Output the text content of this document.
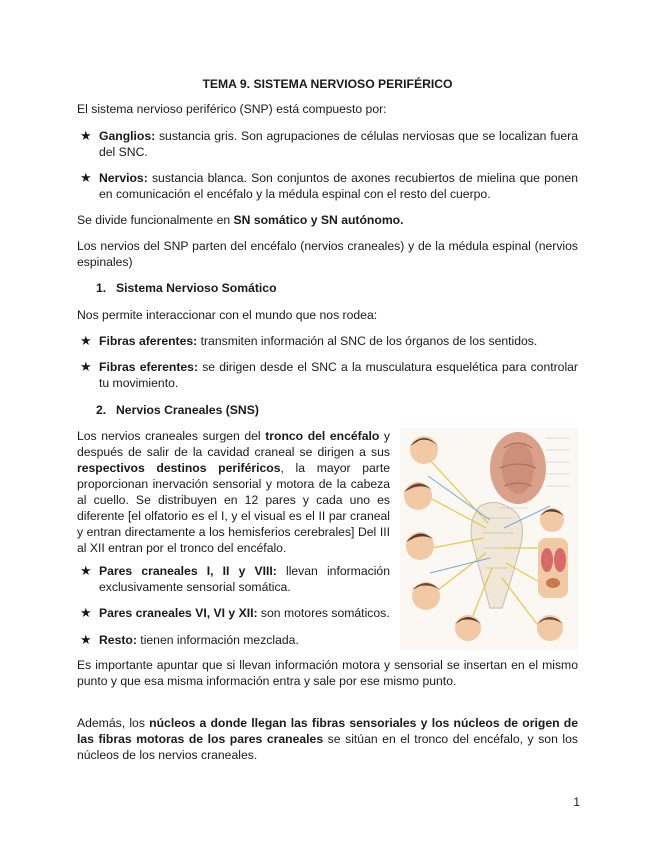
TEMA 9. SISTEMA NERVIOSO PERIFÉRICO

El sistema nervioso periférico (SNP) está compuesto por:

★ Ganglios: sustancia gris. Son agrupaciones de células nerviosas que se localizan fuera del SNC.
★ Nervios: sustancia blanca. Son conjuntos de axones recubiertos de mielina que ponen en comunicación el encéfalo y la médula espinal con el resto del cuerpo.

Se divide funcionalmente en SN somático y SN autónomo.

Los nervios del SNP parten del encéfalo (nervios craneales) y de la médula espinal (nervios espinales)

1. Sistema Nervioso Somático

Nos permite interaccionar con el mundo que nos rodea:

★ Fibras aferentes: transmiten información al SNC de los órganos de los sentidos.
★ Fibras eferentes: se dirigen desde el SNC a la musculatura esquelética para controlar tu movimiento.
2. Nervios Craneales (SNS)

Los nervios craneales surgen del tronco del encéfalo y después de salir de la cavidad craneal se dirigen a sus respectivos destinos periféricos, la mayor parte proporcionan inervación sensorial y motora de la cabeza al cuello. Se distribuyen en 12 pares y cada uno es diferente [el olfatorio es el I, y el visual es el II par craneal y entran directamente a los hemisferios cerebrales] Del III al XII entran por el tronco del encéfalo.

★ Pares craneales I, II y VIII: llevan información exclusivamente sensorial somática.
★ Pares craneales VI, VI y XII: son motores somáticos.
★ Resto: tienen información mezclada.

Es importante apuntar que si llevan información motora y sensorial se insertan en el mismo punto y que esa misma información entra y sale por ese mismo punto.

Además, los núcleos a donde llegan las fibras sensoriales y los núcleos de origen de las fibras motoras de los pares craneales se sitúan en el tronco del encéfalo, y son los núcleos de los nervios craneales.

1
